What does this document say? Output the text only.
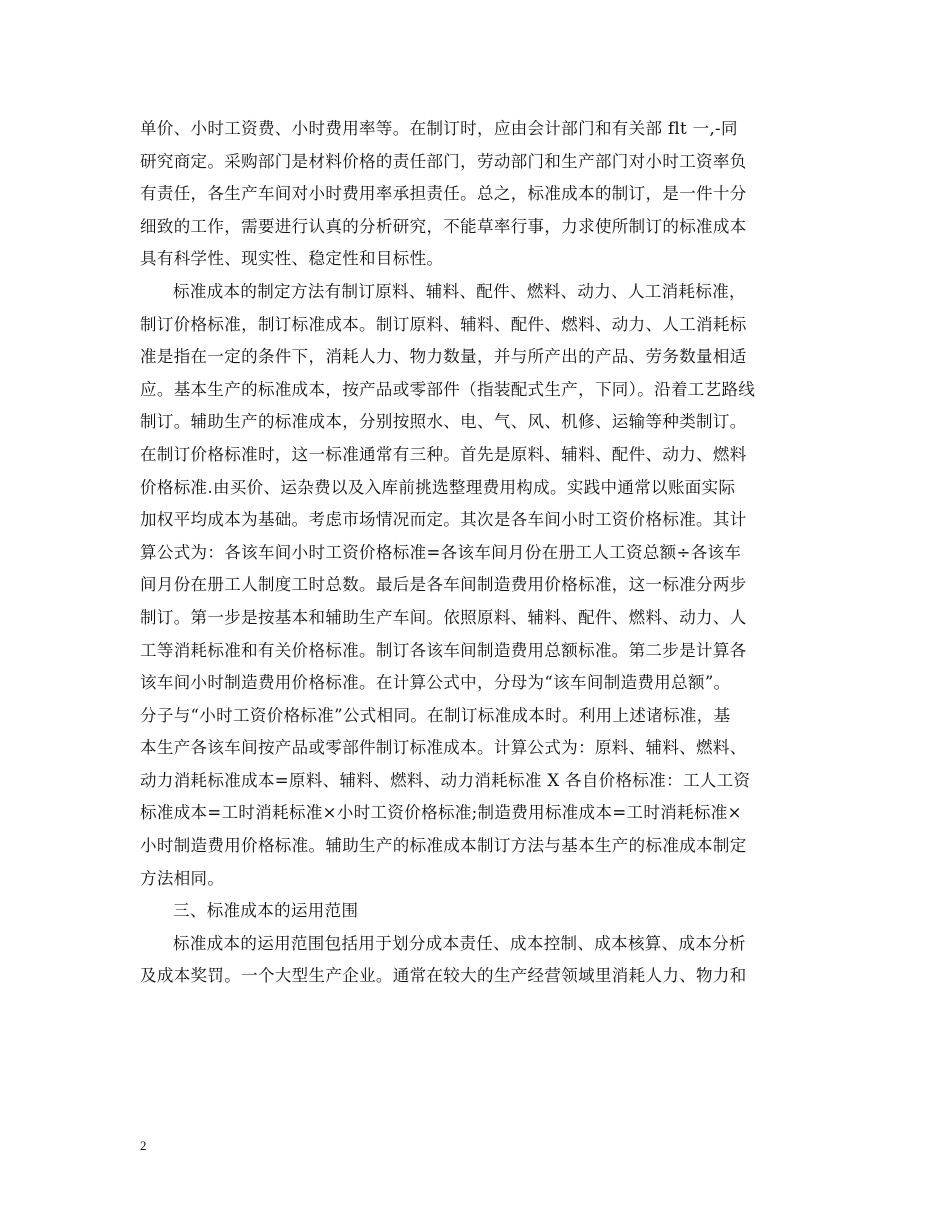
单价、小时工资费、小时费用率等。在制订时，应由会计部门和有关部 flt 一,-同
研究商定。采购部门是材料价格的责任部门，劳动部门和生产部门对小时工资率负
有责任，各生产车间对小时费用率承担责任。总之，标准成本的制订，是一件十分
细致的工作，需要进行认真的分析研究，不能草率行事，力求使所制订的标准成本
具有科学性、现实性、稳定性和目标性。
标准成本的制定方法有制订原料、辅料、配件、燃料、动力、人工消耗标准，
制订价格标准，制订标准成本。制订原料、辅料、配件、燃料、动力、人工消耗标
准是指在一定的条件下，消耗人力、物力数量，并与所产出的产品、劳务数量相适
应。基本生产的标准成本，按产品或零部件（指装配式生产，下同）。沿着工艺路线
制订。辅助生产的标准成本，分别按照水、电、气、风、机修、运输等种类制订。
在制订价格标准时，这一标准通常有三种。首先是原料、辅料、配件、动力、燃料
价格标准.由买价、运杂费以及入库前挑选整理费用构成。实践中通常以账面实际
加权平均成本为基础。考虑市场情况而定。其次是各车间小时工资价格标准。其计
算公式为：各该车间小时工资价格标准=各该车间月份在册工人工资总额÷各该车
间月份在册工人制度工时总数。最后是各车间制造费用价格标准，这一标准分两步
制订。第一步是按基本和辅助生产车间。依照原料、辅料、配件、燃料、动力、人
工等消耗标准和有关价格标准。制订各该车间制造费用总额标准。第二步是计算各
该车间小时制造费用价格标准。在计算公式中，分母为“该车间制造费用总额”。
分子与“小时工资价格标准”公式相同。在制订标准成本时。利用上述诸标准，基
本生产各该车间按产品或零部件制订标准成本。计算公式为：原料、辅料、燃料、
动力消耗标准成本=原料、辅料、燃料、动力消耗标准 X 各自价格标准：工人工资
标准成本=工时消耗标准×小时工资价格标准;制造费用标准成本=工时消耗标准×
小时制造费用价格标准。辅助生产的标准成本制订方法与基本生产的标准成本制定
方法相同。
三、标准成本的运用范围
标准成本的运用范围包括用于划分成本责任、成本控制、成本核算、成本分析
及成本奖罚。一个大型生产企业。通常在较大的生产经营领域里消耗人力、物力和
2
